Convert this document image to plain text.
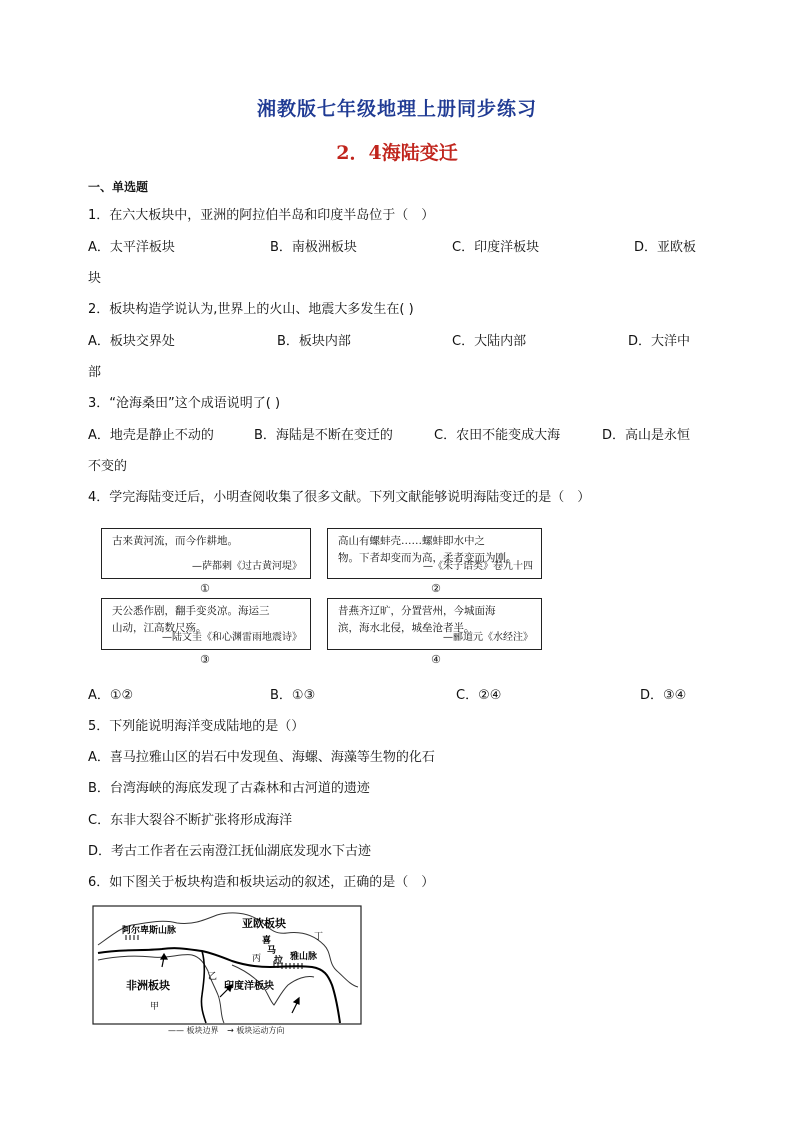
湘教版七年级地理上册同步练习
2．4海陆变迁
一、单选题
1．在六大板块中，亚洲的阿拉伯半岛和印度半岛位于（　）
A．太平洋板块	B．南极洲板块	C．印度洋板块	D．亚欧板
块
2．板块构造学说认为,世界上的火山、地震大多发生在( )
A．板块交界处	B．板块内部	C．大陆内部	D．大洋中
部
3．“沧海桑田”这个成语说明了( )
A．地壳是静止不动的	B．海陆是不断在变迁的	C．农田不能变成大海	D．高山是永恒
不变的
4．学完海陆变迁后，小明查阅收集了很多文献。下列文献能够说明海陆变迁的是（　）
古来黄河流，而今作耕地。
—萨都剌《过古黄河堤》
①
高山有螺蚌壳……螺蚌即水中之
物。下者却变而为高，柔者变而为刚。
—《朱子语类》卷九十四
②
天公悉作剧，翻手变炎凉。海运三
山动，江高数尺殇。
—陆文圭《和心渊雷雨地震诗》
③
昔燕齐辽旷，分置营州，今城面海
滨，海水北侵，城垒沧者半。
—郦道元《水经注》
④
A．①②	B．①③	C．②④	D．③④
5．下列能说明海洋变成陆地的是（）
A．喜马拉雅山区的岩石中发现鱼、海螺、海藻等生物的化石
B．台湾海峡的海底发现了古森林和古河道的遗迹
C．东非大裂谷不断扩张将形成海洋
D．考古工作者在云南澄江抚仙湖底发现水下古迹
6．如下图关于板块构造和板块运动的叙述，正确的是（　）
亚欧板块
阿尔卑斯山脉
非洲板块	印度洋板块
喜
马
拉 雅山脉
甲
乙
丙
丁
—— 板块边界 → 板块运动方向
